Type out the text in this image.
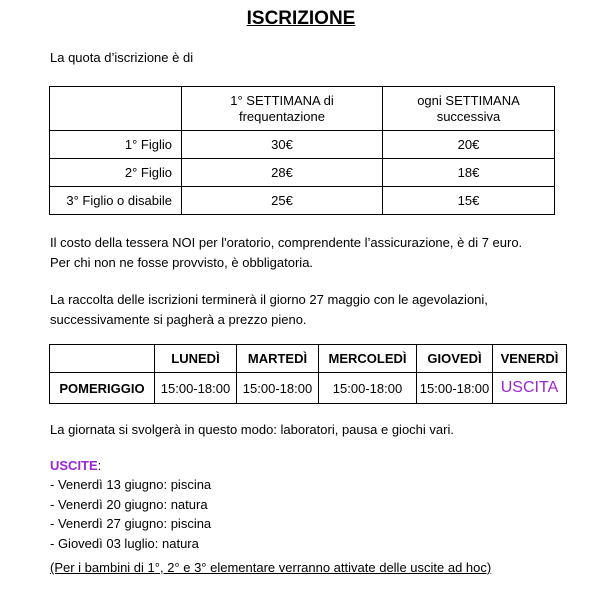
ISCRIZIONE

La quota d’iscrizione è di

	1° SETTIMANA di frequentazione	ogni SETTIMANA successiva
1° Figlio	30€	20€
2° Figlio	28€	18€
3° Figlio o disabile	25€	15€

Il costo della tessera NOI per l'oratorio, comprendente l’assicurazione, è di 7 euro.

Per chi non ne fosse provvisto, è obbligatoria.

La raccolta delle iscrizioni terminerà il giorno 27 maggio con le agevolazioni,

successivamente si pagherà a prezzo pieno.

	LUNEDÌ	MARTEDÌ	MERCOLEDÌ	GIOVEDÌ	VENERDÌ
POMERIGGIO	15:00-18:00	15:00-18:00	15:00-18:00	15:00-18:00	USCITA

La giornata si svolgerà in questo modo: laboratori, pausa e giochi vari.

USCITE:

- Venerdì 13 giugno: piscina

- Venerdì 20 giugno: natura

- Venerdì 27 giugno: piscina

- Giovedì 03 luglio: natura

(Per i bambini di 1°, 2° e 3° elementare verranno attivate delle uscite ad hoc)
